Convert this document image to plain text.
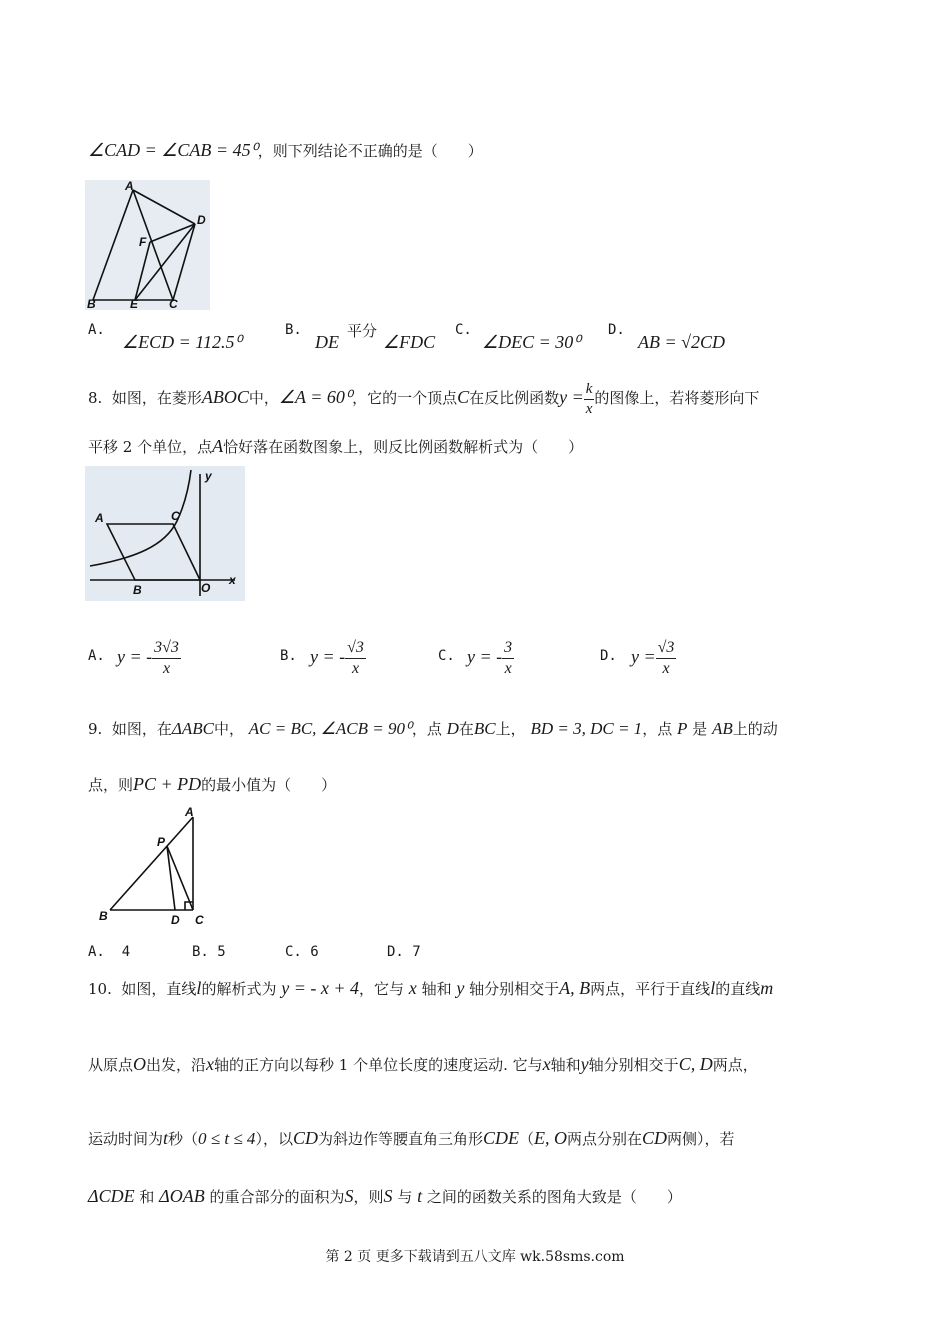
∠CAD = ∠CAB = 45⁰，则下列结论不正确的是（　　）
A
D
F
B	E	C
A.
∠ECD = 112.5⁰
B.
DE
平分
∠FDC
C.
∠DEC = 30⁰
D.
AB = √2CD
8. 如图，在菱形ABOC中，∠A = 60⁰，它的一个顶点C在反比例函数$y = \frac{k}{x}$ 的图像上，若将菱形向下
平移 2 个单位，点A恰好落在函数图象上，则反比例函数解析式为（　　）
y
A	C
B	O
x
A. y = - $\frac{3√3}{x}$	B. y = - $\frac{√3}{x}$	C. y = - $\frac{3}{x}$	D. $y = \frac{√3}{x}$
9. 如图，在ΔABC中， AC = BC, ∠ACB = 90⁰，点 D在BC上， BD = 3, DC = 1，点 P 是 AB上的动
点，则PC + PD的最小值为（　　）
A
P
B	D C
A. 4	B. 5	C. 6	D. 7
10. 如图，直线l的解析式为 y = - x + 4，它与 x 轴和 y 轴分别相交于A, B两点，平行于直线l的直线m
从原点O出发，沿x轴的正方向以每秒 1 个单位长度的速度运动. 它与x轴和y轴分别相交于C, D两点，
运动时间为t秒（0 ≤ t ≤ 4），以CD为斜边作等腰直角三角形CDE（E, O两点分别在CD两侧），若
ΔCDE 和 ΔOAB 的重合部分的面积为S，则S 与 t 之间的函数关系的图角大致是（　　）
第 2 页 更多下载请到五八文库 wk.58sms.com
